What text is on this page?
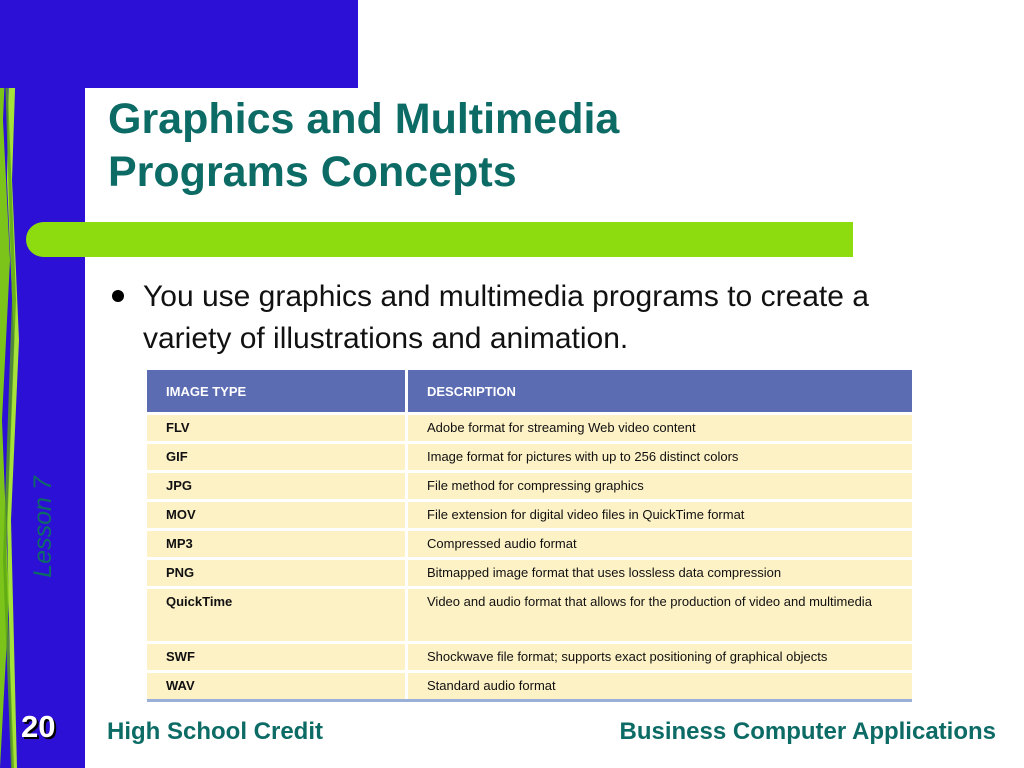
Graphics and Multimedia
Programs Concepts

You use graphics and multimedia programs to create a variety of illustrations and animation.

IMAGE TYPE	DESCRIPTION
FLV	Adobe format for streaming Web video content
GIF	Image format for pictures with up to 256 distinct colors
JPG	File method for compressing graphics
MOV	File extension for digital video files in QuickTime format
MP3	Compressed audio format
PNG	Bitmapped image format that uses lossless data compression
QuickTime	Video and audio format that allows for the production of video and multimedia
SWF	Shockwave file format; supports exact positioning of graphical objects
WAV	Standard audio format
Lesson 7

20 High School Credit	Business Computer Applications
